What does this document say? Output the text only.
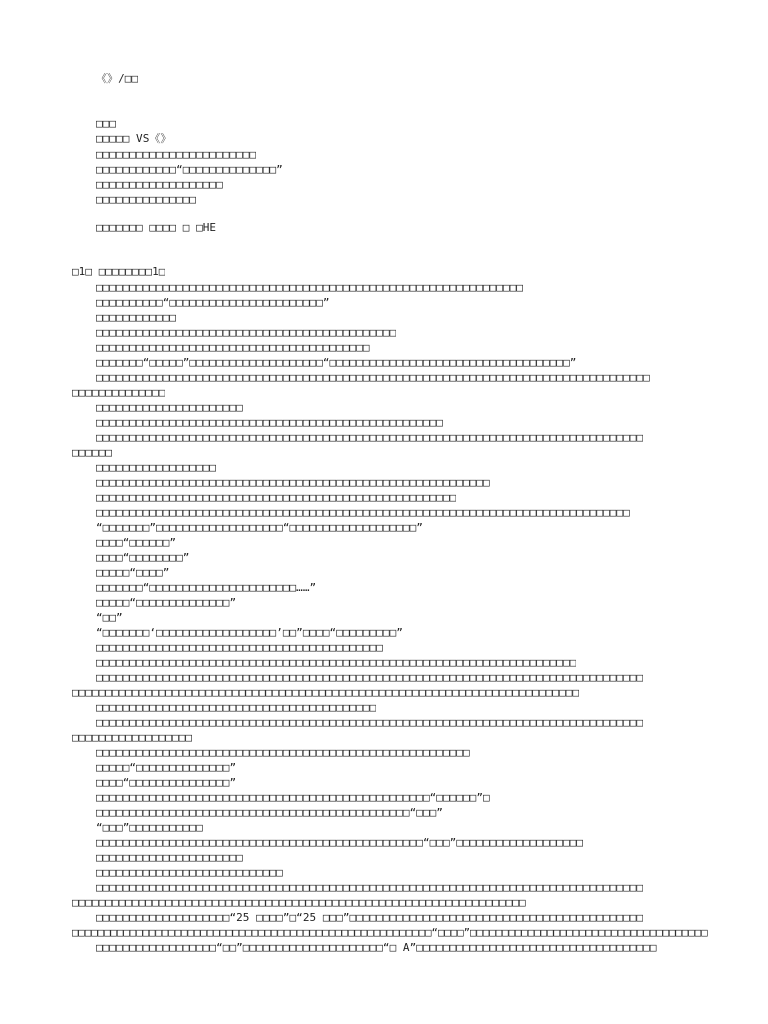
《》/□□
□□□
□□□□□ VS《》
□□□□□□□□□□□□□□□□□□□□□□□□
□□□□□□□□□□□□“□□□□□□□□□□□□□□”
□□□□□□□□□□□□□□□□□□□
□□□□□□□□□□□□□□□
□□□□□□□ □□□□ □ □HE
□1□ □□□□□□□□1□
□□□□□□□□□□□□□□□□□□□□□□□□□□□□□□□□□□□□□□□□□□□□□□□□□□□□□□□□□□□□□□□□
□□□□□□□□□□“□□□□□□□□□□□□□□□□□□□□□□□”
□□□□□□□□□□□□
□□□□□□□□□□□□□□□□□□□□□□□□□□□□□□□□□□□□□□□□□□□□□
□□□□□□□□□□□□□□□□□□□□□□□□□□□□□□□□□□□□□□□□□
□□□□□□□“□□□□□”□□□□□□□□□□□□□□□□□□□□“□□□□□□□□□□□□□□□□□□□□□□□□□□□□□□□□□□□□”
□□□□□□□□□□□□□□□□□□□□□□□□□□□□□□□□□□□□□□□□□□□□□□□□□□□□□□□□□□□□□□□□□□□□□□□□□□□□□□□□□□□
□□□□□□□□□□□□□□
□□□□□□□□□□□□□□□□□□□□□□
□□□□□□□□□□□□□□□□□□□□□□□□□□□□□□□□□□□□□□□□□□□□□□□□□□□□
□□□□□□□□□□□□□□□□□□□□□□□□□□□□□□□□□□□□□□□□□□□□□□□□□□□□□□□□□□□□□□□□□□□□□□□□□□□□□□□□□□
□□□□□□
□□□□□□□□□□□□□□□□□□
□□□□□□□□□□□□□□□□□□□□□□□□□□□□□□□□□□□□□□□□□□□□□□□□□□□□□□□□□□□
□□□□□□□□□□□□□□□□□□□□□□□□□□□□□□□□□□□□□□□□□□□□□□□□□□□□□□
□□□□□□□□□□□□□□□□□□□□□□□□□□□□□□□□□□□□□□□□□□□□□□□□□□□□□□□□□□□□□□□□□□□□□□□□□□□□□□□□
“□□□□□□□”□□□□□□□□□□□□□□□□□□□“□□□□□□□□□□□□□□□□□□□”
□□□□“□□□□□□”
□□□□“□□□□□□□□”
□□□□□“□□□□”
□□□□□□□“□□□□□□□□□□□□□□□□□□□□□□……”
□□□□□“□□□□□□□□□□□□□□”
“□□”
“□□□□□□□‘□□□□□□□□□□□□□□□□□□’□□”□□□□“□□□□□□□□□”
□□□□□□□□□□□□□□□□□□□□□□□□□□□□□□□□□□□□□□□□□□□
□□□□□□□□□□□□□□□□□□□□□□□□□□□□□□□□□□□□□□□□□□□□□□□□□□□□□□□□□□□□□□□□□□□□□□□□
□□□□□□□□□□□□□□□□□□□□□□□□□□□□□□□□□□□□□□□□□□□□□□□□□□□□□□□□□□□□□□□□□□□□□□□□□□□□□□□□□□
□□□□□□□□□□□□□□□□□□□□□□□□□□□□□□□□□□□□□□□□□□□□□□□□□□□□□□□□□□□□□□□□□□□□□□□□□□□□
□□□□□□□□□□□□□□□□□□□□□□□□□□□□□□□□□□□□□□□□□□
□□□□□□□□□□□□□□□□□□□□□□□□□□□□□□□□□□□□□□□□□□□□□□□□□□□□□□□□□□□□□□□□□□□□□□□□□□□□□□□□□□
□□□□□□□□□□□□□□□□□□
□□□□□□□□□□□□□□□□□□□□□□□□□□□□□□□□□□□□□□□□□□□□□□□□□□□□□□□□
□□□□□“□□□□□□□□□□□□□□”
□□□□“□□□□□□□□□□□□□□□”
□□□□□□□□□□□□□□□□□□□□□□□□□□□□□□□□□□□□□□□□□□□□□□□□□□“□□□□□□”□
□□□□□□□□□□□□□□□□□□□□□□□□□□□□□□□□□□□□□□□□□□□□□□□“□□□”
“□□□”□□□□□□□□□□□
□□□□□□□□□□□□□□□□□□□□□□□□□□□□□□□□□□□□□□□□□□□□□□□□□“□□□”□□□□□□□□□□□□□□□□□□□
□□□□□□□□□□□□□□□□□□□□□□
□□□□□□□□□□□□□□□□□□□□□□□□□□□□
□□□□□□□□□□□□□□□□□□□□□□□□□□□□□□□□□□□□□□□□□□□□□□□□□□□□□□□□□□□□□□□□□□□□□□□□□□□□□□□□□□
□□□□□□□□□□□□□□□□□□□□□□□□□□□□□□□□□□□□□□□□□□□□□□□□□□□□□□□□□□□□□□□□□□□□
□□□□□□□□□□□□□□□□□□□□“25 □□□□”□“25 □□□”□□□□□□□□□□□□□□□□□□□□□□□□□□□□□□□□□□□□□□□□□□□□
□□□□□□□□□□□□□□□□□□□□□□□□□□□□□□□□□□□□□□□□□□□□□□□□□□□□□□□□“□□□□”□□□□□□□□□□□□□□□□□□□□□□□□□□□□□□□□□□□□□
□□□□□□□□□□□□□□□□□□“□□”□□□□□□□□□□□□□□□□□□□□□“□ A”□□□□□□□□□□□□□□□□□□□□□□□□□□□□□□□□□□□□
